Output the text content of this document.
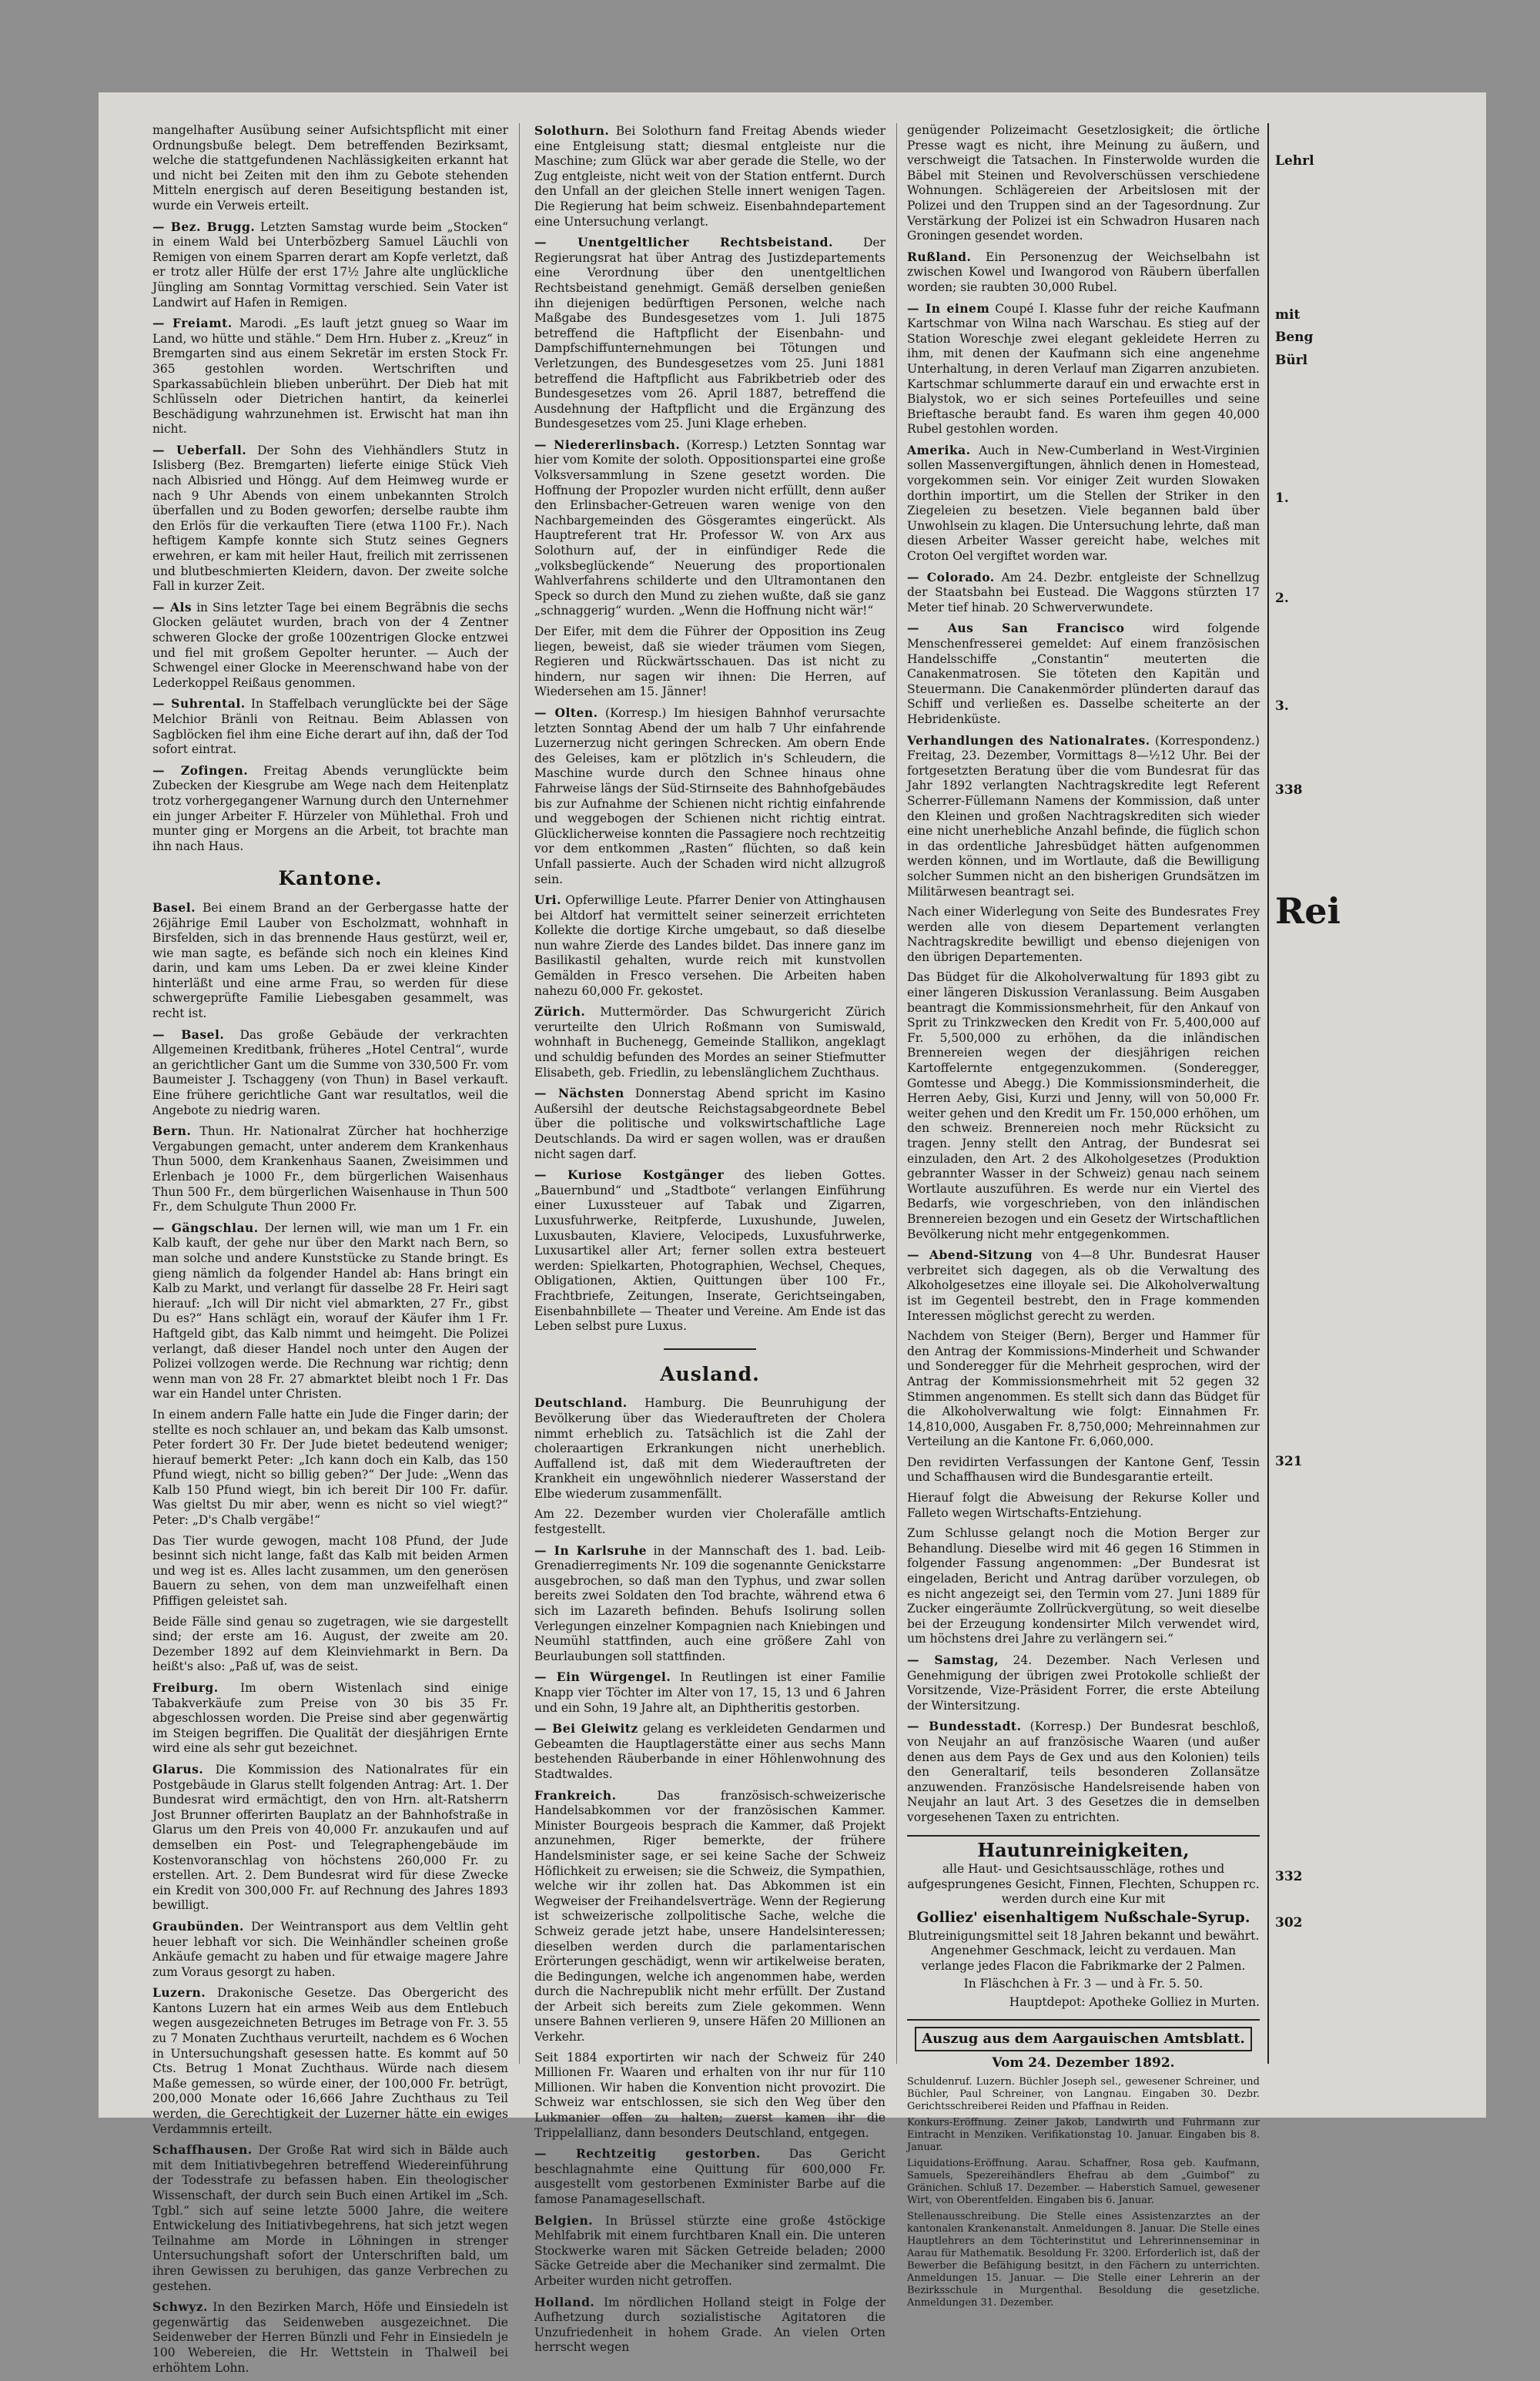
mangelhafter Ausübung seiner Aufsichtspflicht mit einer Ordnungsbuße belegt. Dem betreffenden Bezirksamt, welche die stattgefundenen Nachlässigkeiten erkannt hat und nicht bei Zeiten mit den ihm zu Gebote stehenden Mitteln energisch auf deren Beseitigung bestanden ist, wurde ein Verweis erteilt.
— Bez. Brugg. Letzten Samstag wurde beim „Stocken“ in einem Wald bei Unterbözberg Samuel Läuchli von Remigen von einem Sparren derart am Kopfe verletzt, daß er trotz aller Hülfe der erst 17½ Jahre alte unglückliche Jüngling am Sonntag Vormittag verschied. Sein Vater ist Landwirt auf Hafen in Remigen.
— Freiamt. Marodi. „Es lauft jetzt gnueg so Waar im Land, wo hütte und stähle.“ Dem Hrn. Huber z. „Kreuz“ in Bremgarten sind aus einem Sekretär im ersten Stock Fr. 365 gestohlen worden. Wertschriften und Sparkassabüchlein blieben unberührt. Der Dieb hat mit Schlüsseln oder Dietrichen hantirt, da keinerlei Beschädigung wahrzunehmen ist. Erwischt hat man ihn nicht.
— Ueberfall. Der Sohn des Viehhändlers Stutz in Islisberg (Bez. Bremgarten) lieferte einige Stück Vieh nach Albisried und Höngg. Auf dem Heimweg wurde er nach 9 Uhr Abends von einem unbekannten Strolch überfallen und zu Boden geworfen; derselbe raubte ihm den Erlös für die verkauften Tiere (etwa 1100 Fr.). Nach heftigem Kampfe konnte sich Stutz seines Gegners erwehren, er kam mit heiler Haut, freilich mit zerrissenen und blutbeschmierten Kleidern, davon. Der zweite solche Fall in kurzer Zeit.
— Als in Sins letzter Tage bei einem Begräbnis die sechs Glocken geläutet wurden, brach von der 4 Zentner schweren Glocke der große 100zentrigen Glocke entzwei und fiel mit großem Gepolter herunter. — Auch der Schwengel einer Glocke in Meerenschwand habe von der Lederkoppel Reißaus genommen.
— Suhrental. In Staffelbach verunglückte bei der Säge Melchior Bränli von Reitnau. Beim Ablassen von Sagblöcken fiel ihm eine Eiche derart auf ihn, daß der Tod sofort eintrat.
— Zofingen. Freitag Abends verunglückte beim Zubecken der Kiesgrube am Wege nach dem Heitenplatz trotz vorhergegangener Warnung durch den Unternehmer ein junger Arbeiter F. Hürzeler von Mühlethal. Froh und munter ging er Morgens an die Arbeit, tot brachte man ihn nach Haus.
Kantone.
Basel. Bei einem Brand an der Gerbergasse hatte der 26jährige Emil Lauber von Escholzmatt, wohnhaft in Birsfelden, sich in das brennende Haus gestürzt, weil er, wie man sagte, es befände sich noch ein kleines Kind darin, und kam ums Leben. Da er zwei kleine Kinder hinterläßt und eine arme Frau, so werden für diese schwergeprüfte Familie Liebesgaben gesammelt, was recht ist.
— Basel. Das große Gebäude der verkrachten Allgemeinen Kreditbank, früheres „Hotel Central“, wurde an gerichtlicher Gant um die Summe von 330,500 Fr. vom Baumeister J. Tschaggeny (von Thun) in Basel verkauft. Eine frühere gerichtliche Gant war resultatlos, weil die Angebote zu niedrig waren.
Bern. Thun. Hr. Nationalrat Zürcher hat hochherzige Vergabungen gemacht, unter anderem dem Krankenhaus Thun 5000, dem Krankenhaus Saanen, Zweisimmen und Erlenbach je 1000 Fr., dem bürgerlichen Waisenhaus Thun 500 Fr., dem bürgerlichen Waisenhause in Thun 500 Fr., dem Schulgute Thun 2000 Fr.
— Gängschlau. Der lernen will, wie man um 1 Fr. ein Kalb kauft, der gehe nur über den Markt nach Bern, so man solche und andere Kunststücke zu Stande bringt. Es gieng nämlich da folgender Handel ab: Hans bringt ein Kalb zu Markt, und verlangt für dasselbe 28 Fr. Heiri sagt hierauf: „Ich will Dir nicht viel abmarkten, 27 Fr., gibst Du es?“ Hans schlägt ein, worauf der Käufer ihm 1 Fr. Haftgeld gibt, das Kalb nimmt und heimgeht. Die Polizei verlangt, daß dieser Handel noch unter den Augen der Polizei vollzogen werde. Die Rechnung war richtig; denn wenn man von 28 Fr. 27 abmarktet bleibt noch 1 Fr. Das war ein Handel unter Christen.
In einem andern Falle hatte ein Jude die Finger darin; der stellte es noch schlauer an, und bekam das Kalb umsonst. Peter fordert 30 Fr. Der Jude bietet bedeutend weniger; hierauf bemerkt Peter: „Ich kann doch ein Kalb, das 150 Pfund wiegt, nicht so billig geben?“ Der Jude: „Wenn das Kalb 150 Pfund wiegt, bin ich bereit Dir 100 Fr. dafür. Was gieltst Du mir aber, wenn es nicht so viel wiegt?“ Peter: „D's Chalb vergäbe!“
Das Tier wurde gewogen, macht 108 Pfund, der Jude besinnt sich nicht lange, faßt das Kalb mit beiden Armen und weg ist es. Alles lacht zusammen, um den generösen Bauern zu sehen, von dem man unzweifelhaft einen Pfiffigen geleistet sah.
Beide Fälle sind genau so zugetragen, wie sie dargestellt sind; der erste am 16. August, der zweite am 20. Dezember 1892 auf dem Kleinviehmarkt in Bern. Da heißt's also: „Paß uf, was de seist.
Freiburg. Im obern Wistenlach sind einige Tabakverkäufe zum Preise von 30 bis 35 Fr. abgeschlossen worden. Die Preise sind aber gegenwärtig im Steigen begriffen. Die Qualität der diesjährigen Ernte wird eine als sehr gut bezeichnet.
Glarus. Die Kommission des Nationalrates für ein Postgebäude in Glarus stellt folgenden Antrag: Art. 1. Der Bundesrat wird ermächtigt, den von Hrn. alt-Ratsherrn Jost Brunner offerirten Bauplatz an der Bahnhofstraße in Glarus um den Preis von 40,000 Fr. anzukaufen und auf demselben ein Post- und Telegraphengebäude im Kostenvoranschlag von höchstens 260,000 Fr. zu erstellen. Art. 2. Dem Bundesrat wird für diese Zwecke ein Kredit von 300,000 Fr. auf Rechnung des Jahres 1893 bewilligt.
Graubünden. Der Weintransport aus dem Veltlin geht heuer lebhaft vor sich. Die Weinhändler scheinen große Ankäufe gemacht zu haben und für etwaige magere Jahre zum Voraus gesorgt zu haben.
Luzern. Drakonische Gesetze. Das Obergericht des Kantons Luzern hat ein armes Weib aus dem Entlebuch wegen ausgezeichneten Betruges im Betrage von Fr. 3. 55 zu 7 Monaten Zuchthaus verurteilt, nachdem es 6 Wochen in Untersuchungshaft gesessen hatte. Es kommt auf 50 Cts. Betrug 1 Monat Zuchthaus. Würde nach diesem Maße gemessen, so würde einer, der 100,000 Fr. betrügt, 200,000 Monate oder 16,666 Jahre Zuchthaus zu Teil werden, die Gerechtigkeit der Luzerner hätte ein ewiges Verdammnis erteilt.
Schaffhausen. Der Große Rat wird sich in Bälde auch mit dem Initiativbegehren betreffend Wiedereinführung der Todesstrafe zu befassen haben. Ein theologischer Wissenschaft, der durch sein Buch einen Artikel im „Sch. Tgbl.“ sich auf seine letzte 5000 Jahre, die weitere Entwickelung des Initiativbegehrens, hat sich jetzt wegen Teilnahme am Morde in Löhningen in strenger Untersuchungshaft sofort der Unterschriften bald, um ihren Gewissen zu beruhigen, das ganze Verbrechen zu gestehen.
Schwyz. In den Bezirken March, Höfe und Einsiedeln ist gegenwärtig das Seidenweben ausgezeichnet. Die Seidenweber der Herren Bünzli und Fehr in Einsiedeln je 100 Webereien, die Hr. Wettstein in Thalweil bei erhöhtem Lohn.
Solothurn. Bei Solothurn fand Freitag Abends wieder eine Entgleisung statt; diesmal entgleiste nur die Maschine; zum Glück war aber gerade die Stelle, wo der Zug entgleiste, nicht weit von der Station entfernt. Durch den Unfall an der gleichen Stelle innert wenigen Tagen. Die Regierung hat beim schweiz. Eisenbahndepartement eine Untersuchung verlangt.
— Unentgeltlicher Rechtsbeistand.	Der Regierungsrat hat über Antrag des Justizdepartements eine Verordnung über den unentgeltlichen Rechtsbeistand genehmigt. Gemäß derselben genießen ihn diejenigen bedürftigen Personen, welche nach Maßgabe des Bundesgesetzes vom 1. Juli 1875 betreffend die Haftpflicht der Eisenbahn- und Dampfschiffunternehmungen bei Tötungen und Verletzungen, des Bundesgesetzes vom 25. Juni 1881 betreffend die Haftpflicht aus Fabrikbetrieb oder des Bundesgesetzes vom 26. April 1887, betreffend die Ausdehnung der Haftpflicht und die Ergänzung des Bundesgesetzes vom 25. Juni Klage erheben.
— Niedererlinsbach. (Korresp.) Letzten Sonntag war hier vom Komite der soloth. Oppositionspartei eine große Volksversammlung in Szene gesetzt worden. Die Hoffnung der Propozler wurden nicht erfüllt, denn außer den Erlinsbacher-Getreuen waren wenige von den Nachbargemeinden des Gösgeramtes eingerückt. Als Hauptreferent trat Hr. Professor W. von Arx aus Solothurn auf, der in einfündiger Rede die „volksbeglückende“ Neuerung des proportionalen Wahlverfahrens schilderte und den Ultramontanen den Speck so durch den Mund zu ziehen wußte, daß sie ganz „schnaggerig“ wurden. „Wenn die Hoffnung nicht wär!“
Der Eifer, mit dem die Führer der Opposition ins Zeug liegen, beweist, daß sie wieder träumen vom Siegen, Regieren und Rückwärtsschauen. Das ist nicht zu hindern, nur sagen wir ihnen: Die Herren, auf Wiedersehen am 15. Jänner!
— Olten. (Korresp.) Im hiesigen Bahnhof verursachte letzten Sonntag Abend der um halb 7 Uhr einfahrende Luzernerzug nicht geringen Schrecken. Am obern Ende des Geleises, kam er plötzlich in's Schleudern, die Maschine wurde durch den Schnee hinaus ohne Fahrweise längs der Süd-Stirnseite des Bahnhofgebäudes bis zur Aufnahme der Schienen nicht richtig einfahrende und weggebogen der Schienen nicht richtig eintrat. Glücklicherweise konnten die Passagiere noch rechtzeitig vor dem entkommen „Rasten“ flüchten, so daß kein Unfall passierte. Auch der Schaden wird nicht allzugroß sein.
Uri. Opferwillige Leute. Pfarrer Denier von Attinghausen bei Altdorf hat vermittelt seiner seinerzeit errichteten Kollekte die dortige Kirche umgebaut, so daß dieselbe nun wahre Zierde des Landes bildet. Das innere ganz im Basilikastil gehalten, wurde reich mit kunstvollen Gemälden in Fresco versehen. Die Arbeiten haben nahezu 60,000 Fr. gekostet.
Zürich. Muttermörder. Das Schwurgericht Zürich verurteilte den Ulrich Roßmann von Sumiswald, wohnhaft in Buchenegg, Gemeinde Stallikon, angeklagt und schuldig befunden des Mordes an seiner Stiefmutter Elisabeth, geb. Friedlin, zu lebenslänglichem Zuchthaus.
— Nächsten Donnerstag Abend spricht im Kasino Außersihl der deutsche Reichstagsabgeordnete Bebel über die politische und volkswirtschaftliche Lage Deutschlands. Da wird er sagen wollen, was er draußen nicht sagen darf.
— Kuriose Kostgänger des lieben Gottes. „Bauernbund“ und „Stadtbote“ verlangen Einführung einer Luxussteuer auf Tabak und Zigarren, Luxusfuhrwerke, Reitpferde, Luxushunde, Juwelen, Luxusbauten, Klaviere, Velocipeds, Luxusfuhrwerke, Luxusartikel aller Art; ferner sollen extra besteuert werden: Spielkarten, Photographien, Wechsel, Cheques, Obligationen, Aktien, Quittungen über 100 Fr., Frachtbriefe, Zeitungen, Inserate, Gerichtseingaben, Eisenbahnbillete — Theater und Vereine. Am Ende ist das Leben selbst pure Luxus.
Ausland.
Deutschland. Hamburg. Die Beunruhigung der Bevölkerung über das Wiederauftreten der Cholera nimmt erheblich zu. Tatsächlich ist die Zahl der choleraartigen Erkrankungen nicht unerheblich. Auffallend ist, daß mit dem Wiederauftreten der Krankheit ein ungewöhnlich niederer Wasserstand der Elbe wiederum zusammenfällt.
Am 22. Dezember wurden vier Cholerafälle amtlich festgestellt.
— In Karlsruhe in der Mannschaft des 1. bad. Leib-Grenadierregiments Nr. 109 die sogenannte Genickstarre ausgebrochen, so daß man den Typhus, und zwar sollen bereits zwei Soldaten den Tod brachte, während etwa 6 sich im Lazareth befinden. Behufs Isolirung sollen Verlegungen einzelner Kompagnien nach Kniebingen und Neumühl stattfinden, auch eine größere Zahl von Beurlaubungen soll stattfinden.
— Ein Würgengel. In Reutlingen ist einer Familie Knapp vier Töchter im Alter von 17, 15, 13 und 6 Jahren und ein Sohn, 19 Jahre alt, an Diphtheritis gestorben.
— Bei Gleiwitz gelang es verkleideten Gendarmen und Gebeamten die Hauptlagerstätte einer aus sechs Mann bestehenden Räuberbande in einer Höhlenwohnung des Stadtwaldes.
Frankreich.	Das französisch-schweizerische Handelsabkommen vor der französischen Kammer. Minister Bourgeois besprach die Kammer, daß Projekt anzunehmen, Riger bemerkte, der frühere Handelsminister sage, er sei keine Sache der Schweiz Höflichkeit zu erweisen; sie die Schweiz, die Sympathien, welche wir ihr zollen hat. Das Abkommen ist ein Wegweiser der Freihandelsverträge. Wenn der Regierung ist schweizerische zollpolitische Sache, welche die Schweiz gerade jetzt habe, unsere Handelsinteressen; dieselben werden durch die parlamentarischen Erörterungen geschädigt, wenn wir artikelweise beraten, die Bedingungen, welche ich angenommen habe, werden durch die Nachrepublik nicht mehr erfüllt. Der Zustand der Arbeit sich bereits zum Ziele gekommen. Wenn unsere Bahnen verlieren 9, unsere Häfen 20 Millionen an Verkehr.
Seit 1884 exportirten wir nach der Schweiz für 240 Millionen Fr. Waaren und erhalten von ihr nur für 110 Millionen. Wir haben die Konvention nicht provozirt. Die Schweiz war entschlossen, sie sich den Weg über den Lukmanier offen zu halten; zuerst kamen ihr die Trippelallianz, dann besonders Deutschland, entgegen.
— Rechtzeitig gestorben. Das Gericht beschlagnahmte eine Quittung für 600,000 Fr. ausgestellt vom gestorbenen Exminister Barbe auf die famose Panamagesellschaft.
Belgien. In Brüssel stürzte eine große 4stöckige Mehlfabrik mit einem furchtbaren Knall ein. Die unteren Stockwerke waren mit Säcken Getreide beladen; 2000 Säcke Getreide aber die Mechaniker sind zermalmt. Die Arbeiter wurden nicht getroffen.
Holland. Im nördlichen Holland steigt in Folge der Aufhetzung durch sozialistische Agitatoren die Unzufriedenheit in hohem Grade. An vielen Orten herrscht wegen
genügender Polizeimacht Gesetzlosigkeit; die örtliche Presse wagt es nicht, ihre Meinung zu äußern, und verschweigt die Tatsachen. In Finsterwolde wurden die Bäbel mit Steinen und Revolverschüssen verschiedene Wohnungen. Schlägereien der Arbeitslosen mit der Polizei und den Truppen sind an der Tagesordnung. Zur Verstärkung der Polizei ist ein Schwadron Husaren nach Groningen gesendet worden.
Rußland. Ein Personenzug der Weichselbahn ist zwischen Kowel und Iwangorod von Räubern überfallen worden; sie raubten 30,000 Rubel.
— In einem Coupé I. Klasse fuhr der reiche Kaufmann Kartschmar von Wilna nach Warschau. Es stieg auf der Station Woreschje zwei elegant gekleidete Herren zu ihm, mit denen der Kaufmann sich eine angenehme Unterhaltung, in deren Verlauf man Zigarren anzubieten. Kartschmar schlummerte darauf ein und erwachte erst in Bialystok, wo er sich seines Portefeuilles und seine Brieftasche beraubt fand. Es waren ihm gegen 40,000 Rubel gestohlen worden.
Amerika. Auch in New-Cumberland in West-Virginien sollen Massenvergiftungen, ähnlich denen in Homestead, vorgekommen sein. Vor einiger Zeit wurden Slowaken dorthin importirt, um die Stellen der Striker in den Ziegeleien zu besetzen. Viele begannen bald über Unwohlsein zu klagen. Die Untersuchung lehrte, daß man diesen Arbeiter Wasser gereicht habe, welches mit Croton Oel vergiftet worden war.
— Colorado. Am 24. Dezbr. entgleiste der Schnellzug der Staatsbahn bei Eustead. Die Waggons stürzten 17 Meter tief hinab. 20 Schwerverwundete.
— Aus San Francisco wird folgende Menschenfresserei gemeldet: Auf einem französischen Handelsschiffe „Constantin“ meuterten die Canakenmatrosen. Sie töteten den Kapitän und Steuermann. Die Canakenmörder plünderten darauf das Schiff und verließen es. Dasselbe scheiterte an der Hebridenküste.
Verhandlungen des Nationalrates. (Korrespondenz.) Freitag, 23. Dezember, Vormittags 8—½12 Uhr. Bei der fortgesetzten Beratung über die vom Bundesrat für das Jahr 1892 verlangten Nachtragskredite legt Referent Scherrer-Füllemann Namens der Kommission, daß unter den Kleinen und großen Nachtragskrediten sich wieder eine nicht unerhebliche Anzahl befinde, die füglich schon in das ordentliche Jahresbüdget hätten aufgenommen werden können, und im Wortlaute, daß die Bewilligung solcher Summen nicht an den bisherigen Grundsätzen im Militärwesen beantragt sei.
Nach einer Widerlegung von Seite des Bundesrates Frey werden alle von diesem Departement verlangten Nachtragskredite bewilligt und ebenso diejenigen von den übrigen Departementen.
Das Büdget für die Alkoholverwaltung für 1893 gibt zu einer längeren Diskussion Veranlassung. Beim Ausgaben beantragt die Kommissionsmehrheit, für den Ankauf von Sprit zu Trinkzwecken den Kredit von Fr. 5,400,000 auf Fr. 5,500,000 zu erhöhen, da die inländischen Brennereien wegen der diesjährigen reichen Kartoffelernte entgegenzukommen. (Sonderegger, Gomtesse und Abegg.) Die Kommissionsminderheit, die Herren Aeby, Gisi, Kurzi und Jenny, will von 50,000 Fr. weiter gehen und den Kredit um Fr. 150,000 erhöhen, um den schweiz. Brennereien noch mehr Rücksicht zu tragen. Jenny stellt den Antrag, der Bundesrat sei einzuladen, den Art. 2 des Alkoholgesetzes (Produktion gebrannter Wasser in der Schweiz) genau nach seinem Wortlaute auszuführen. Es werde nur ein Viertel des Bedarfs, wie vorgeschrieben, von den inländischen Brennereien bezogen und ein Gesetz der Wirtschaftlichen Bevölkerung nicht mehr entgegenkommen.
— Abend-Sitzung von 4—8 Uhr. Bundesrat Hauser verbreitet sich dagegen, als ob die Verwaltung des Alkoholgesetzes eine illoyale sei. Die Alkoholverwaltung ist im Gegenteil bestrebt, den in Frage kommenden Interessen möglichst gerecht zu werden.
Nachdem von Steiger (Bern), Berger und Hammer für den Antrag der Kommissions-Minderheit und Schwander und Sonderegger für die Mehrheit gesprochen, wird der Antrag der Kommissionsmehrheit mit 52 gegen 32 Stimmen angenommen. Es stellt sich dann das Büdget für die Alkoholverwaltung wie folgt: Einnahmen Fr. 14,810,000, Ausgaben Fr. 8,750,000; Mehreinnahmen zur Verteilung an die Kantone Fr. 6,060,000.
Den revidirten Verfassungen der Kantone Genf, Tessin und Schaffhausen wird die Bundesgarantie erteilt.
Hierauf folgt die Abweisung der Rekurse Koller und Falleto wegen Wirtschafts-Entziehung.
Zum Schlusse gelangt noch die Motion Berger zur Behandlung. Dieselbe wird mit 46 gegen 16 Stimmen in folgender Fassung angenommen: „Der Bundesrat ist eingeladen, Bericht und Antrag darüber vorzulegen, ob es nicht angezeigt sei, den Termin vom 27. Juni 1889 für Zucker eingeräumte Zollrückvergütung, so weit dieselbe bei der Erzeugung kondensirter Milch verwendet wird, um höchstens drei Jahre zu verlängern sei.“
— Samstag, 24. Dezember. Nach Verlesen und Genehmigung der übrigen zwei Protokolle schließt der Vorsitzende, Vize-Präsident Forrer, die erste Abteilung der Wintersitzung.
— Bundesstadt. (Korresp.) Der Bundesrat beschloß, von Neujahr an auf französische Waaren (und außer denen aus dem Pays de Gex und aus den Kolonien) teils den Generaltarif, teils besonderen Zollansätze anzuwenden. Französische Handelsreisende haben von Neujahr an laut Art. 3 des Gesetzes die in demselben vorgesehenen Taxen zu entrichten.
Hautunreinigkeiten,

alle Haut- und Gesichtsausschläge, rothes und aufgesprungenes Gesicht, Finnen, Flechten, Schuppen rc. werden durch eine Kur mit

Golliez' eisenhaltigem Nußschale-Syrup.

Blutreinigungsmittel seit 18 Jahren bekannt und bewährt. Angenehmer Geschmack, leicht zu verdauen. Man verlange jedes Flacon die Fabrikmarke der 2 Palmen.

In Fläschchen à Fr. 3 — und à Fr. 5. 50.

Hauptdepot: Apotheke Golliez in Murten.

Auszug aus dem Aargauischen Amtsblatt.
Vom 24. Dezember 1892.
Schuldenruf. Luzern. Büchler Joseph sel., gewesener Schreiner, und Büchler, Paul Schreiner, von Langnau. Eingaben 30. Dezbr. Gerichtsschreiberei Reiden und Pfaffnau in Reiden.
Konkurs-Eröffnung. Zeiner Jakob, Landwirth und Fuhrmann zur Eintracht in Menziken. Verifikationstag 10. Januar. Eingaben bis 8. Januar.
Liquidations-Eröffnung. Aarau. Schaffner, Rosa geb. Kaufmann, Samuels, Spezereihändlers Ehefrau ab dem „Guimbof“ zu Gränichen. Schluß 17. Dezember. — Haberstich Samuel, gewesener Wirt, von Oberentfelden. Eingaben bis 6. Januar.
Stellenausschreibung. Die Stelle eines Assistenzarztes an der kantonalen Krankenanstalt. Anmeldungen 8. Januar. Die Stelle eines Hauptlehrers an dem Töchterinstitut und Lehrerinnenseminar in Aarau für Mathematik. Besoldung Fr. 3200. Erforderlich ist, daß der Bewerber die Befähigung besitzt, in den Fächern zu unterrichten. Anmeldungen 15. Januar. — Die Stelle einer Lehrerin an der Bezirksschule in Murgenthal. Besoldung die gesetzliche. Anmeldungen 31. Dezember.
Lehrl
mit
Beng
Bürl
1.
2.
3.
338
Rei
321
332
302
